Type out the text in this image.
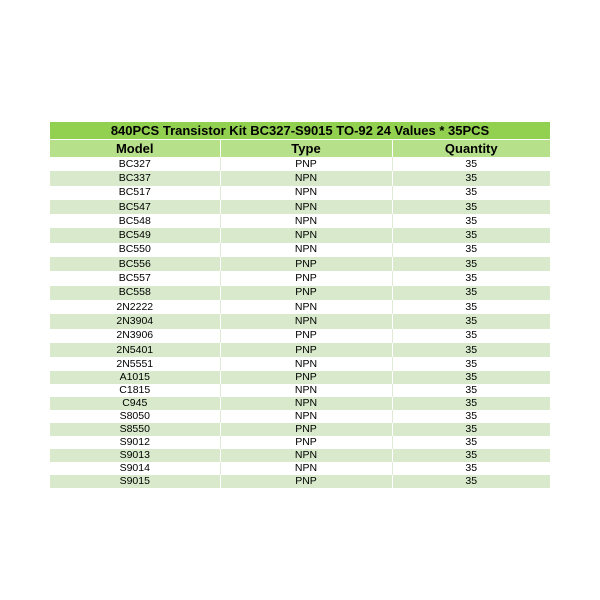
840PCS Transistor Kit BC327-S9015 TO-92 24 Values * 35PCS		
Model	Type	Quantity
BC327	PNP	35
BC337	NPN	35
BC517	NPN	35
BC547	NPN	35
BC548	NPN	35
BC549	NPN	35
BC550	NPN	35
BC556	PNP	35
BC557	PNP	35
BC558	PNP	35
2N2222	NPN	35
2N3904	NPN	35
2N3906	PNP	35
2N5401	PNP	35
2N5551	NPN	35
A1015	PNP	35
C1815	NPN	35
C945	NPN	35
S8050	NPN	35
S8550	PNP	35
S9012	PNP	35
S9013	NPN	35
S9014	NPN	35
S9015	PNP	35
